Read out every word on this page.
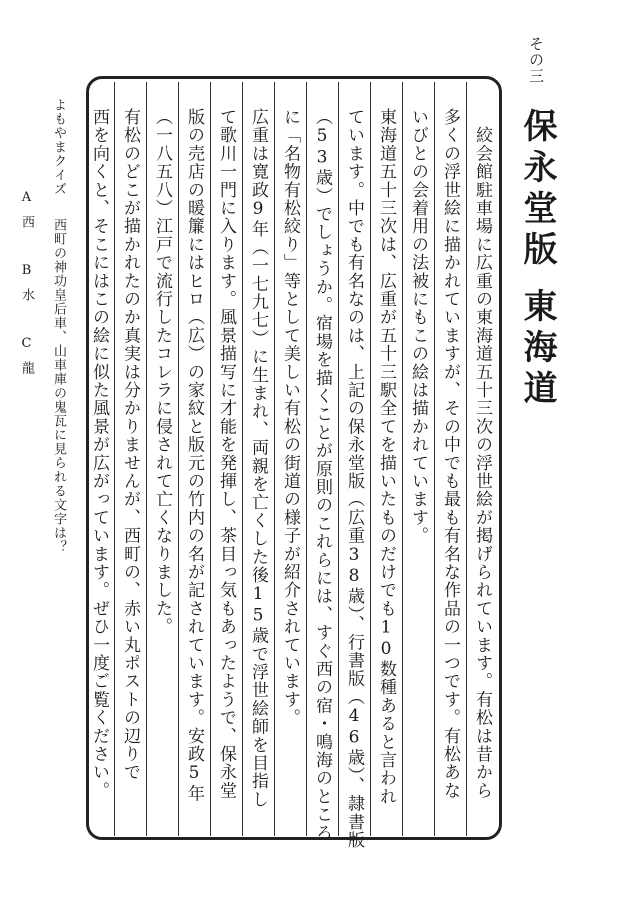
その三
保永堂版
東海道
　絞会館駐車場に広重の東海道五十三次の浮世絵が掲げられています。有松は昔から
多くの浮世絵に描かれていますが、その中でも最も有名な作品の一つです。有松あな
いびとの会着用の法被にもこの絵は描かれています。
東海道五十三次は、広重が五十三駅全てを描いたものだけでも10数種あると言われ
ています。中でも有名なのは、上記の保永堂版（広重38歳）、行書版（46歳）、隷書版
（53歳）でしょうか。宿場を描くことが原則のこれらには、すぐ西の宿・鳴海のところ
に「名物有松絞り」等として美しい有松の街道の様子が紹介されています。
広重は寛政9年（一七九七）に生まれ、両親を亡くした後15歳で浮世絵師を目指し
て歌川一門に入ります。風景描写に才能を発揮し、茶目っ気もあったようで、保永堂
版の売店の暖簾にはヒロ（広）の家紋と版元の竹内の名が記されています。安政5年
（一八五八）江戸で流行したコレラに侵されて亡くなりました。
有松のどこが描かれたのか真実は分かりませんが、西町の、赤い丸ポストの辺りで
西を向くと、そこにはこの絵に似た風景が広がっています。ぜひ一度ご覧ください。
よもやまクイズ
西町の神功皇后車、山車庫の鬼瓦に見られる文字は？
A西 B水 C龍
